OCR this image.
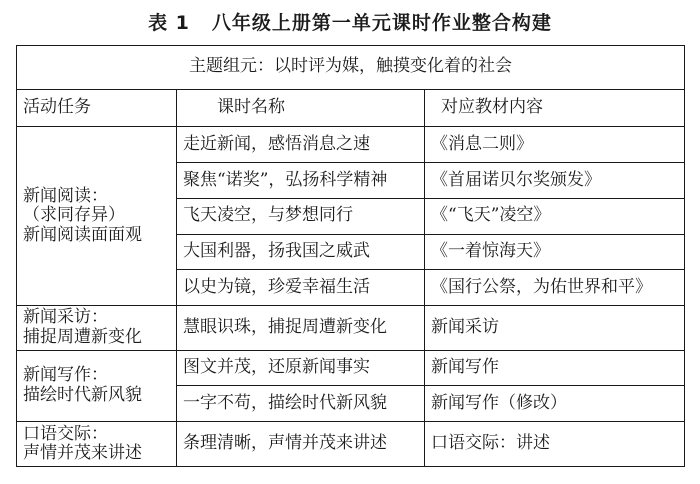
表 1 八年级上册第一单元课时作业整合构建
主题组元：以时评为媒，触摸变化着的社会		
活动任务	课时名称	对应教材内容

新闻阅读：
（求同存异）
新闻阅读面面观	走近新闻，感悟消息之速	《消息二则》
	聚焦“诺奖”，弘扬科学精神	《首届诺贝尔奖颁发》
	飞天凌空，与梦想同行	《“飞天”凌空》
	大国利器，扬我国之威武	《一着惊海天》
	以史为镜，珍爱幸福生活	《国行公祭，为佑世界和平》

新闻采访：
捕捉周遭新变化	慧眼识珠，捕捉周遭新变化	新闻采访

新闻写作：
描绘时代新风貌	图文并茂，还原新闻事实	新闻写作
	一字不苟，描绘时代新风貌	新闻写作（修改）

口语交际：
声情并茂来讲述	条理清晰，声情并茂来讲述	口语交际：讲述
